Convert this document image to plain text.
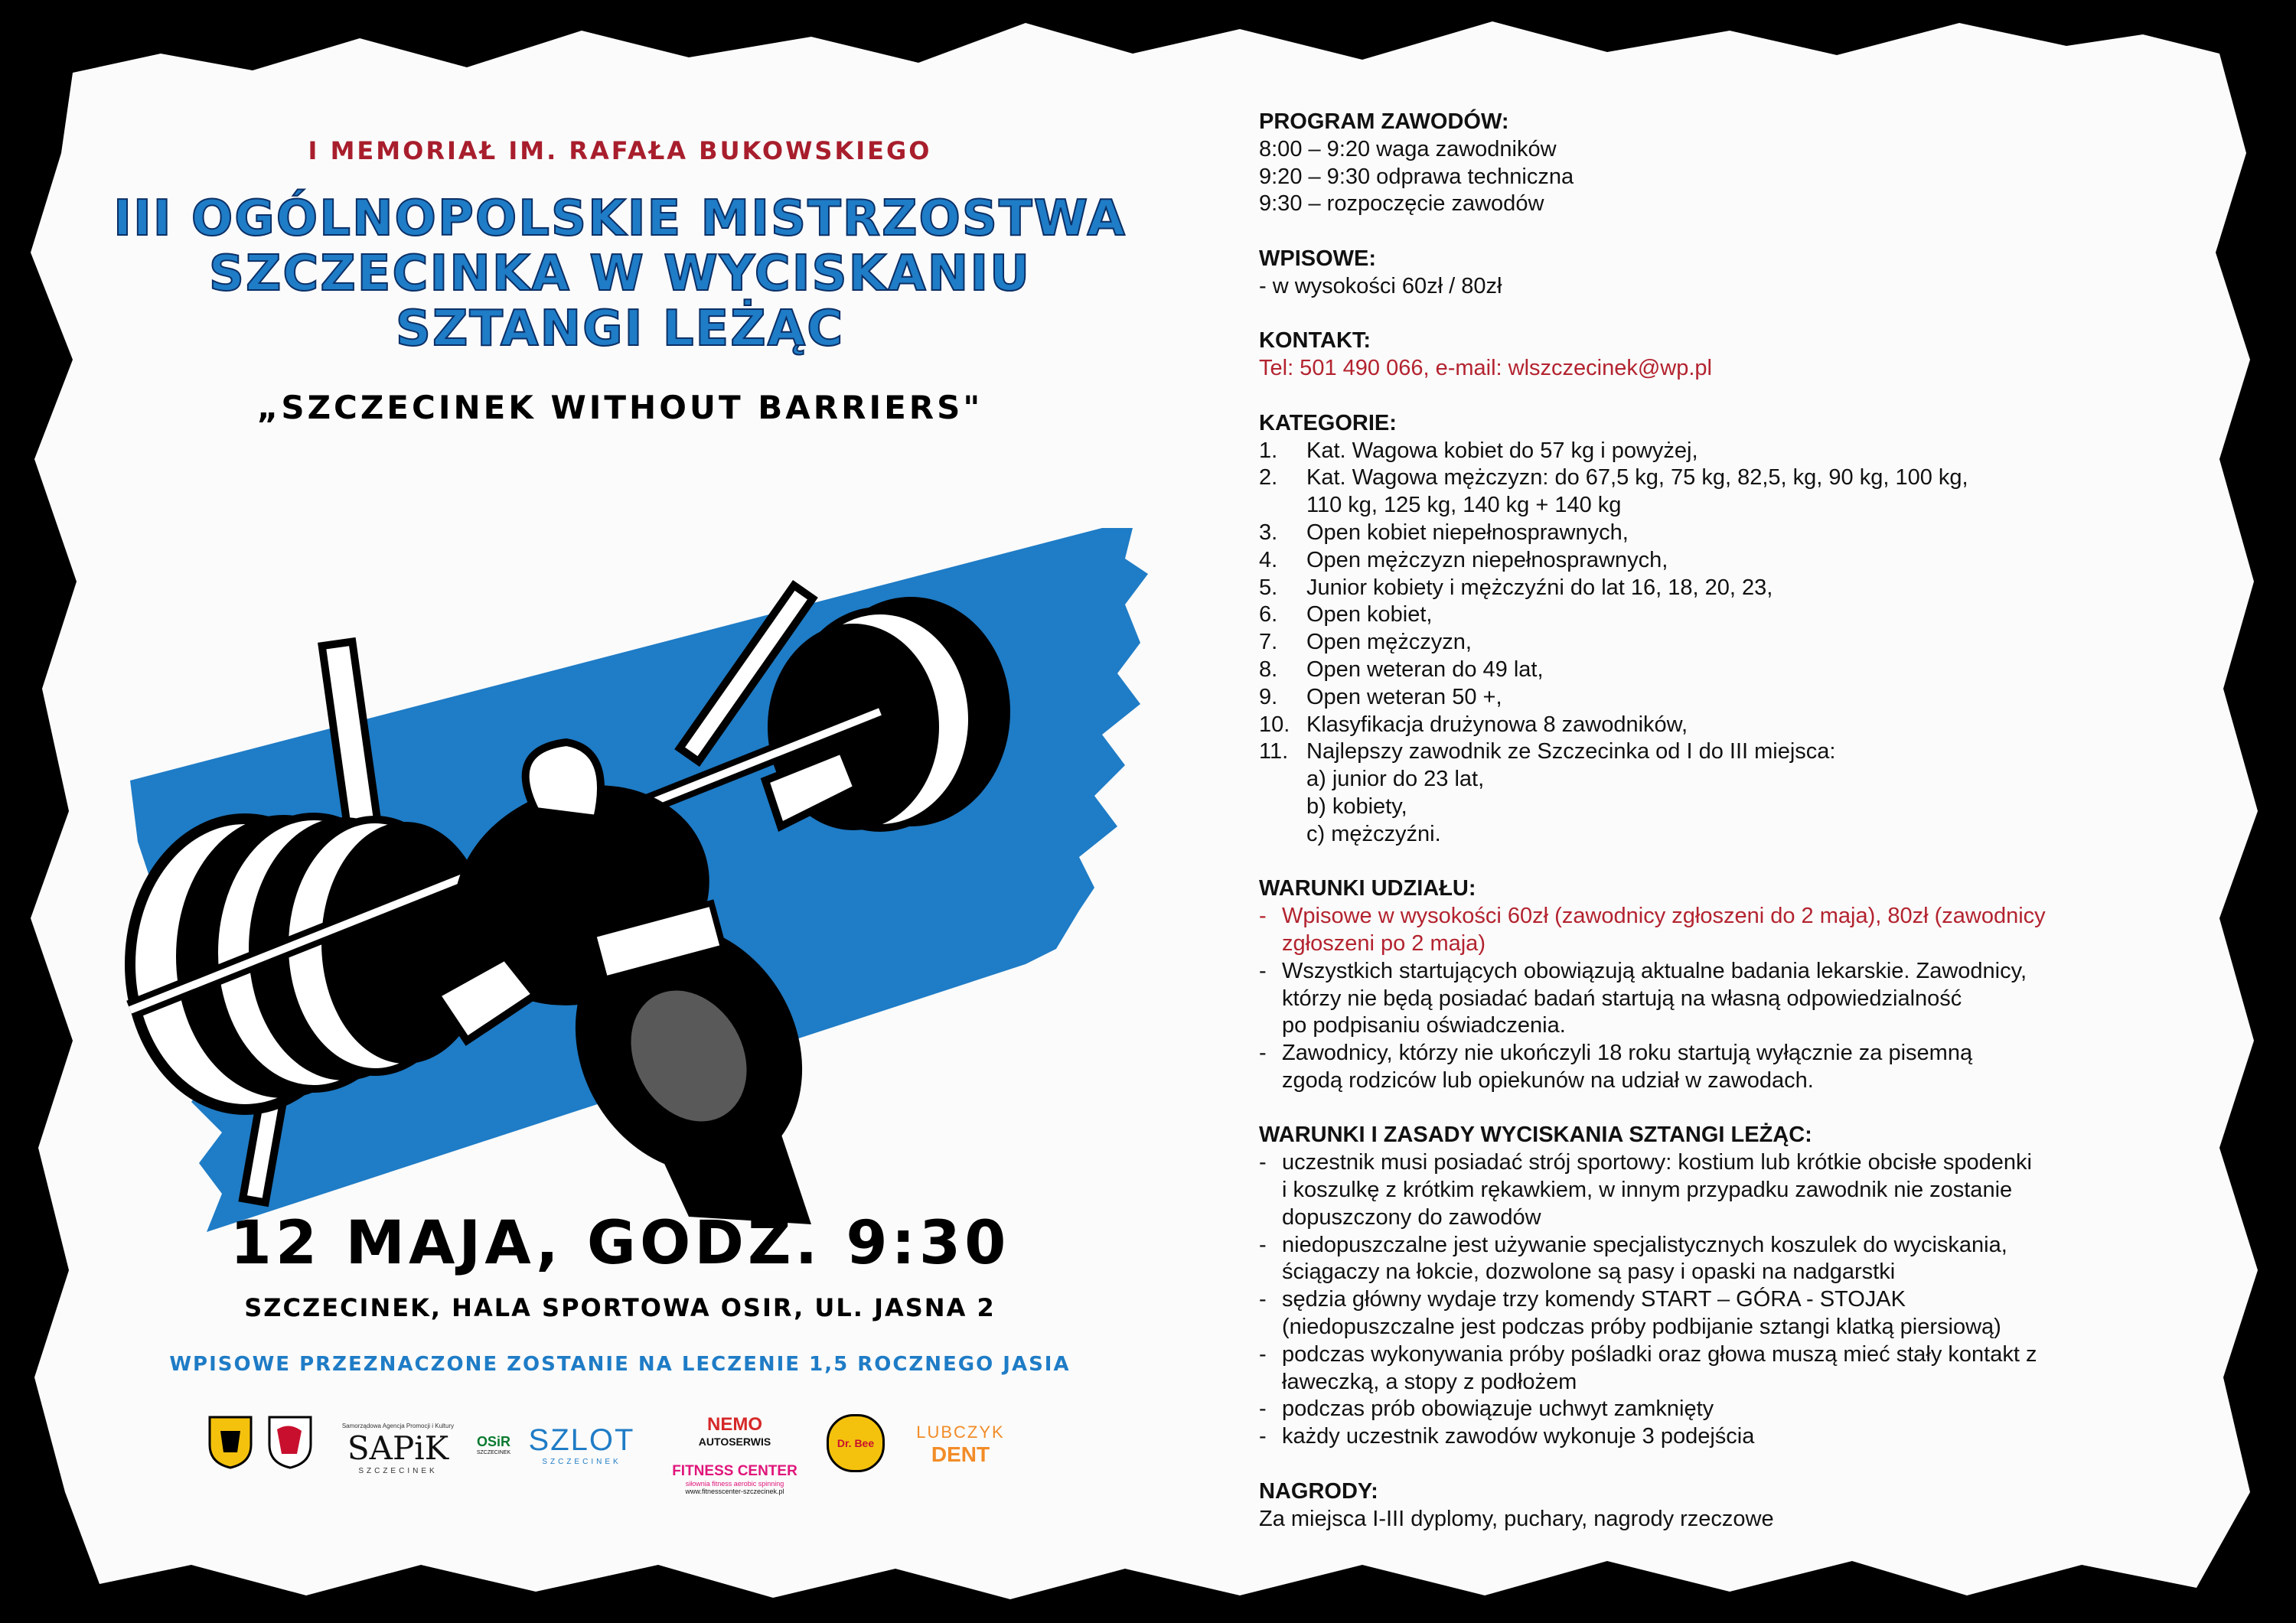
I MEMORIAŁ IM. RAFAŁA BUKOWSKIEGO
III OGÓLNOPOLSKIE MISTRZOSTWA
SZCZECINKA W WYCISKANIU
SZTANGI LEŻĄC
„SZCZECINEK WITHOUT BARRIERS"
12 MAJA, GODZ. 9:30
SZCZECINEK, HALA SPORTOWA OSIR, UL. JASNA 2
WPISOWE PRZEZNACZONE ZOSTANIE NA LECZENIE 1,5 ROCZNEGO JASIA
Samorządowa Agencja Promocji i Kultury
SAPiK
SZCZECINEK
OSiR
SZCZECINEK SZLOT
SZCZECINEK
NEMO
AUTOSERWIS
FITNESS CENTER
siłownia fitness aerobic spinning
www.fitnesscenter-szczecinek.pl
Dr. Bee
LUBCZYK
DENT
PROGRAM ZAWODÓW:
8:00 – 9:20 waga zawodników
9:20 – 9:30 odprawa techniczna
9:30 – rozpoczęcie zawodów
WPISOWE:
- w wysokości 60zł / 80zł
KONTAKT:
Tel: 501 490 066, e-mail: wlszczecinek@wp.pl
KATEGORIE:
1.	Kat. Wagowa kobiet do 57 kg i powyżej,
2.	Kat. Wagowa mężczyzn: do 67,5 kg, 75 kg, 82,5, kg, 90 kg, 100 kg,
110 kg, 125 kg, 140 kg + 140 kg
3.	Open kobiet niepełnosprawnych,
4.	Open mężczyzn niepełnosprawnych,
5.	Junior kobiety i mężczyźni do lat 16, 18, 20, 23,
6.	Open kobiet,
7.	Open mężczyzn,
8.	Open weteran do 49 lat,
9.	Open weteran 50 +,
10. Klasyfikacja drużynowa 8 zawodników,
11. Najlepszy zawodnik ze Szczecinka od I do III miejsca:
a) junior do 23 lat,
b) kobiety,
c) mężczyźni.
WARUNKI UDZIAŁU:
- Wpisowe w wysokości 60zł (zawodnicy zgłoszeni do 2 maja), 80zł (zawodnicy
zgłoszeni po 2 maja)
- Wszystkich startujących obowiązują aktualne badania lekarskie. Zawodnicy,
którzy nie będą posiadać badań startują na własną odpowiedzialność
po podpisaniu oświadczenia.
- Zawodnicy, którzy nie ukończyli 18 roku startują wyłącznie za pisemną
zgodą rodziców lub opiekunów na udział w zawodach.
WARUNKI I ZASADY WYCISKANIA SZTANGI LEŻĄC:
- uczestnik musi posiadać strój sportowy: kostium lub krótkie obcisłe spodenki
i koszulkę z krótkim rękawkiem, w innym przypadku zawodnik nie zostanie
dopuszczony do zawodów
- niedopuszczalne jest używanie specjalistycznych koszulek do wyciskania,
ściągaczy na łokcie, dozwolone są pasy i opaski na nadgarstki
- sędzia główny wydaje trzy komendy START – GÓRA - STOJAK
(niedopuszczalne jest podczas próby podbijanie sztangi klatką piersiową)
- podczas wykonywania próby pośladki oraz głowa muszą mieć stały kontakt z
ławeczką, a stopy z podłożem
- podczas prób obowiązuje uchwyt zamknięty
- każdy uczestnik zawodów wykonuje 3 podejścia
NAGRODY:
Za miejsca I-III dyplomy, puchary, nagrody rzeczowe
